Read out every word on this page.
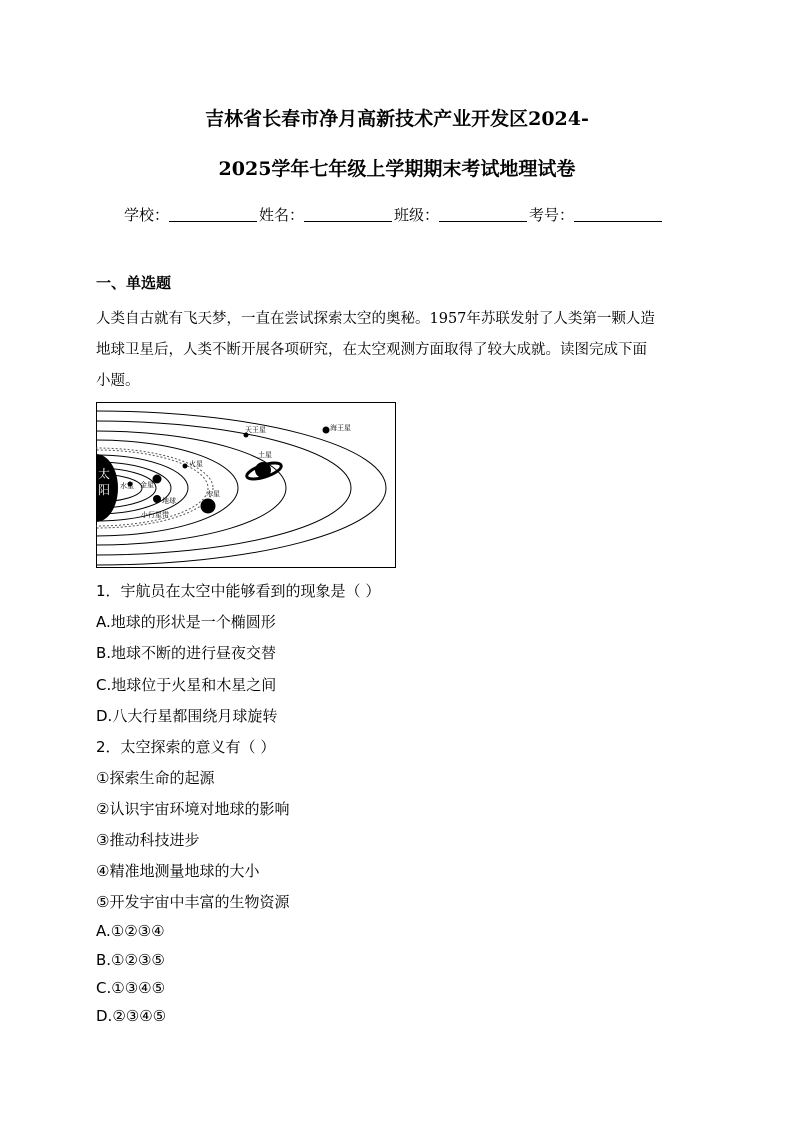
吉林省长春市净月高新技术产业开发区2024-
2025学年七年级上学期期末考试地理试卷
学校：	姓名：	班级：	考号：
一、单选题
人类自古就有飞天梦，一直在尝试探索太空的奥秘。1957年苏联发射了人类第一颗人造
地球卫星后，人类不断开展各项研究，在太空观测方面取得了较大成就。读图完成下面
小题。
太
阳 水星 金星
地球
火星
小行星带
木星
土星
天王星	海王星
1．宇航员在太空中能够看到的现象是（ ）
A.地球的形状是一个椭圆形
B.地球不断的进行昼夜交替
C.地球位于火星和木星之间
D.八大行星都围绕月球旋转
2．太空探索的意义有（ ）
①探索生命的起源
②认识宇宙环境对地球的影响
③推动科技进步
④精准地测量地球的大小
⑤开发宇宙中丰富的生物资源
A.①②③④
B.①②③⑤
C.①③④⑤
D.②③④⑤
